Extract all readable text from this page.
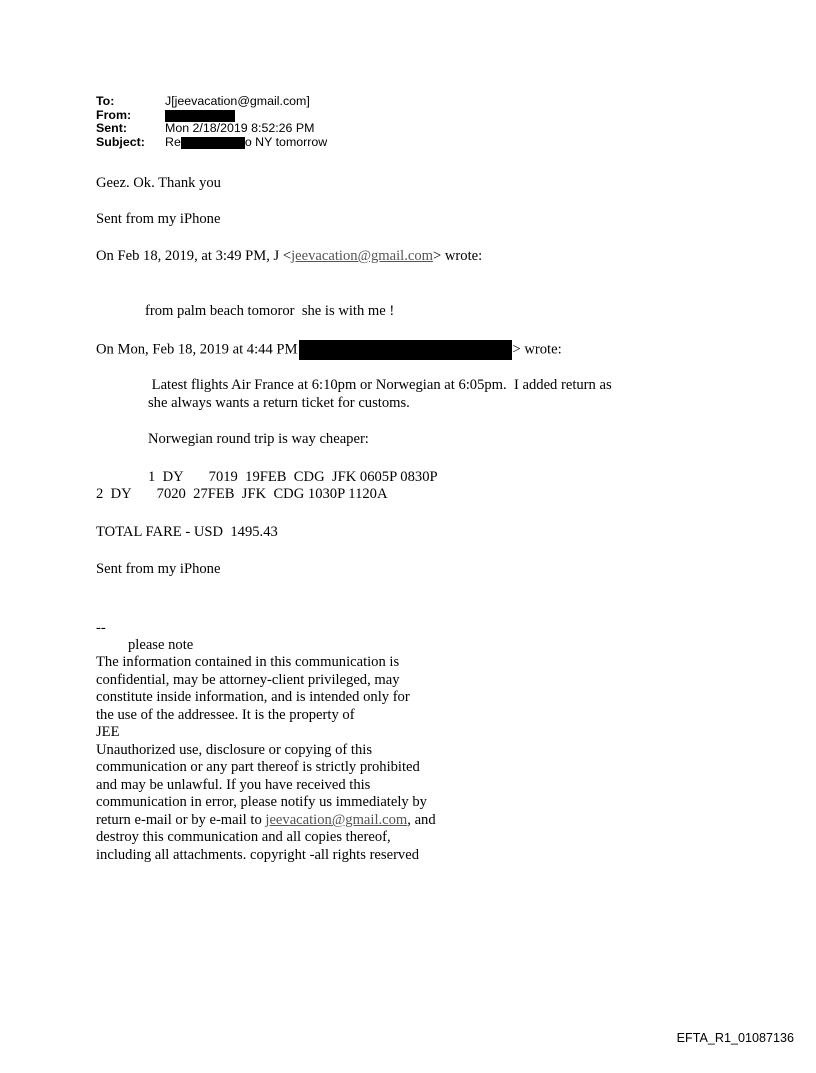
To:	J[jeevacation@gmail.com]
From:
Sent:	Mon 2/18/2019 8:52:26 PM
Subject: Re	o NY tomorrow
Geez. Ok. Thank you
Sent from my iPhone
On Feb 18, 2019, at 3:49 PM, J <jeevacation@gmail.com> wrote:
from palm beach tomoror  she is with me !
On Mon, Feb 18, 2019 at 4:44 PM	> wrote:
Latest flights Air France at 6:10pm or Norwegian at 6:05pm.  I added return as
she always wants a return ticket for customs.
Norwegian round trip is way cheaper:
1  DY       7019  19FEB  CDG  JFK 0605P 0830P
2  DY       7020  27FEB  JFK  CDG 1030P 1120A
TOTAL FARE - USD  1495.43
Sent from my iPhone
--
please note
The information contained in this communication is
confidential, may be attorney-client privileged, may
constitute inside information, and is intended only for
the use of the addressee. It is the property of
JEE
Unauthorized use, disclosure or copying of this
communication or any part thereof is strictly prohibited
and may be unlawful. If you have received this
communication in error, please notify us immediately by
return e-mail or by e-mail to jeevacation@gmail.com, and
destroy this communication and all copies thereof,
including all attachments. copyright -all rights reserved
EFTA_R1_01087136
